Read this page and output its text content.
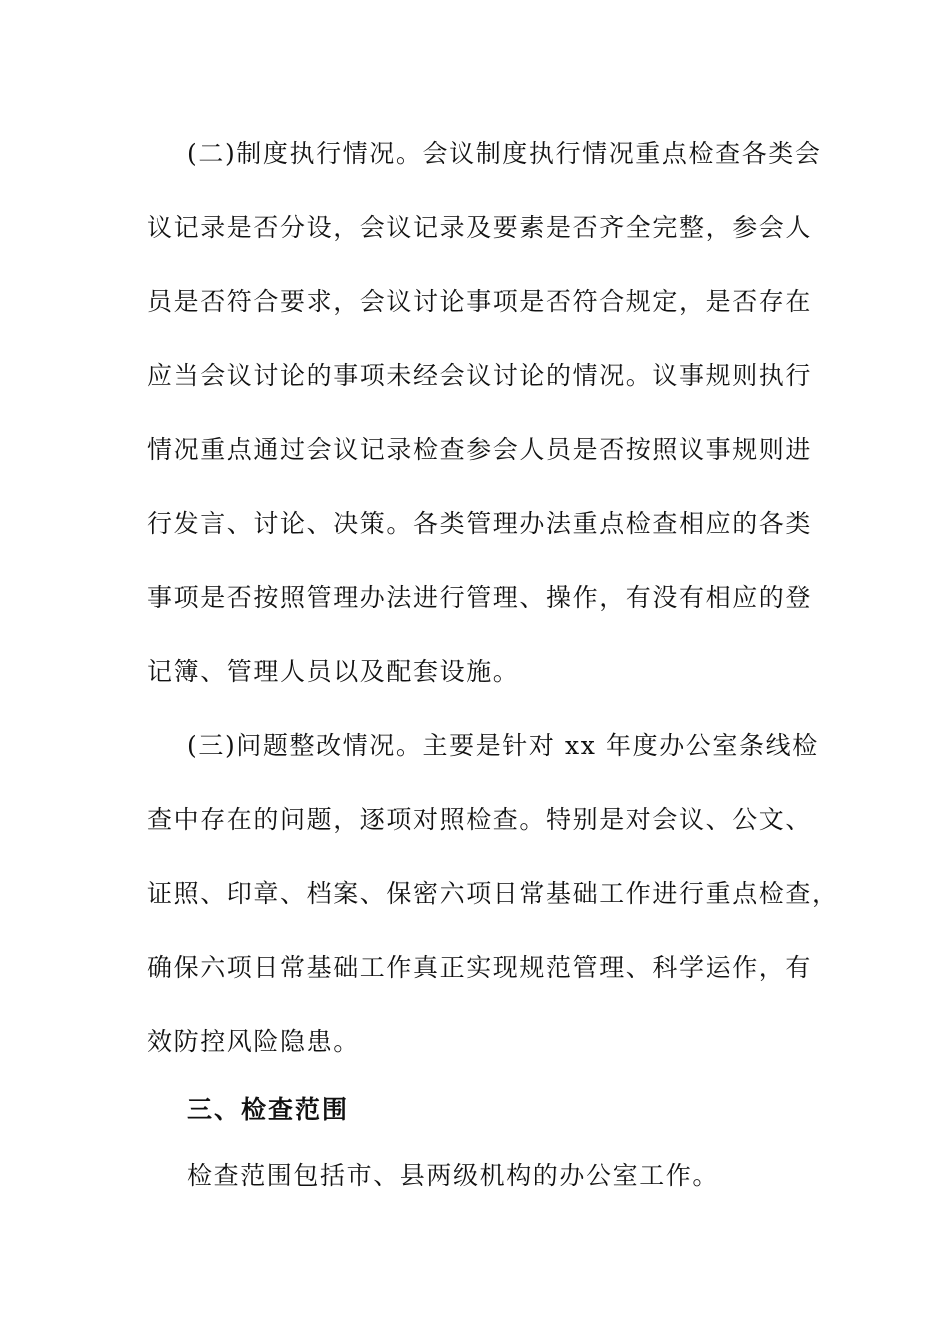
(二)制度执行情况。会议制度执行情况重点检查各类会
议记录是否分设，会议记录及要素是否齐全完整，参会人
员是否符合要求，会议讨论事项是否符合规定，是否存在
应当会议讨论的事项未经会议讨论的情况。议事规则执行
情况重点通过会议记录检查参会人员是否按照议事规则进
行发言、讨论、决策。各类管理办法重点检查相应的各类
事项是否按照管理办法进行管理、操作，有没有相应的登
记簿、管理人员以及配套设施。
(三)问题整改情况。主要是针对 xx 年度办公室条线检
查中存在的问题，逐项对照检查。特别是对会议、公文、
证照、印章、档案、保密六项日常基础工作进行重点检查，
确保六项日常基础工作真正实现规范管理、科学运作，有
效防控风险隐患。
三、检查范围
检查范围包括市、县两级机构的办公室工作。
